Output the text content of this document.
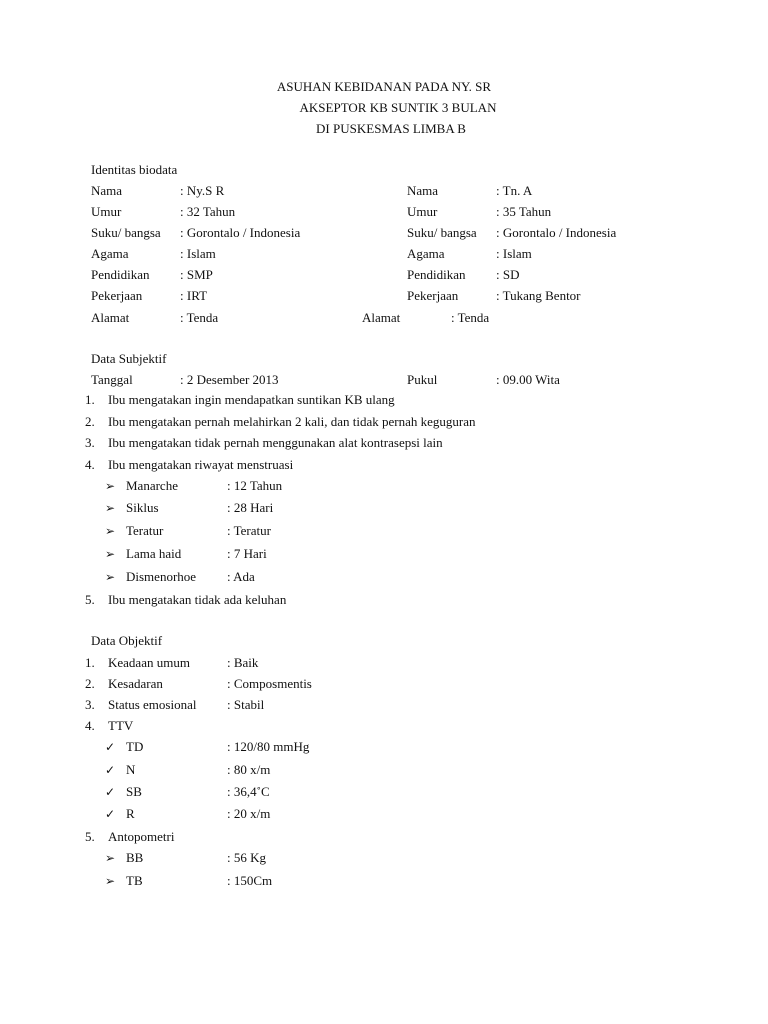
ASUHAN KEBIDANAN PADA NY. SR
AKSEPTOR KB SUNTIK 3 BULAN
DI PUSKESMAS LIMBA B
Identitas biodata
Nama	: Ny.S R	Nama	: Tn. A
Umur	: 32 Tahun	Umur	: 35 Tahun
Suku/ bangsa : Gorontalo / Indonesia	Suku/ bangsa : Gorontalo / Indonesia
Agama	: Islam	Agama	: Islam
Pendidikan : SMP	Pendidikan : SD
Pekerjaan	: IRT	Pekerjaan	: Tukang Bentor
Alamat	: Tenda	Alamat	: Tenda
Data Subjektif
Tanggal	: 2 Desember 2013	Pukul	: 09.00 Wita
1. Ibu mengatakan ingin mendapatkan suntikan KB ulang
2. Ibu mengatakan pernah melahirkan 2 kali, dan tidak pernah keguguran
3. Ibu mengatakan tidak pernah menggunakan alat kontrasepsi lain
4. Ibu mengatakan riwayat menstruasi
➢ Manarche	: 12 Tahun
➢ Siklus	: 28 Hari
➢ Teratur	: Teratur
➢ Lama haid	: 7 Hari
➢ Dismenorhoe : Ada
5. Ibu mengatakan tidak ada keluhan
Data Objektif
1. Keadaan umum	: Baik
2. Kesadaran	: Composmentis
3. Status emosional : Stabil
4. TTV
✓ TD	: 120/80 mmHg
✓ N	: 80 x/m
✓ SB	: 36,4˚C
✓ R	: 20 x/m
5. Antopometri
➢ BB	: 56 Kg
➢ TB	: 150Cm
